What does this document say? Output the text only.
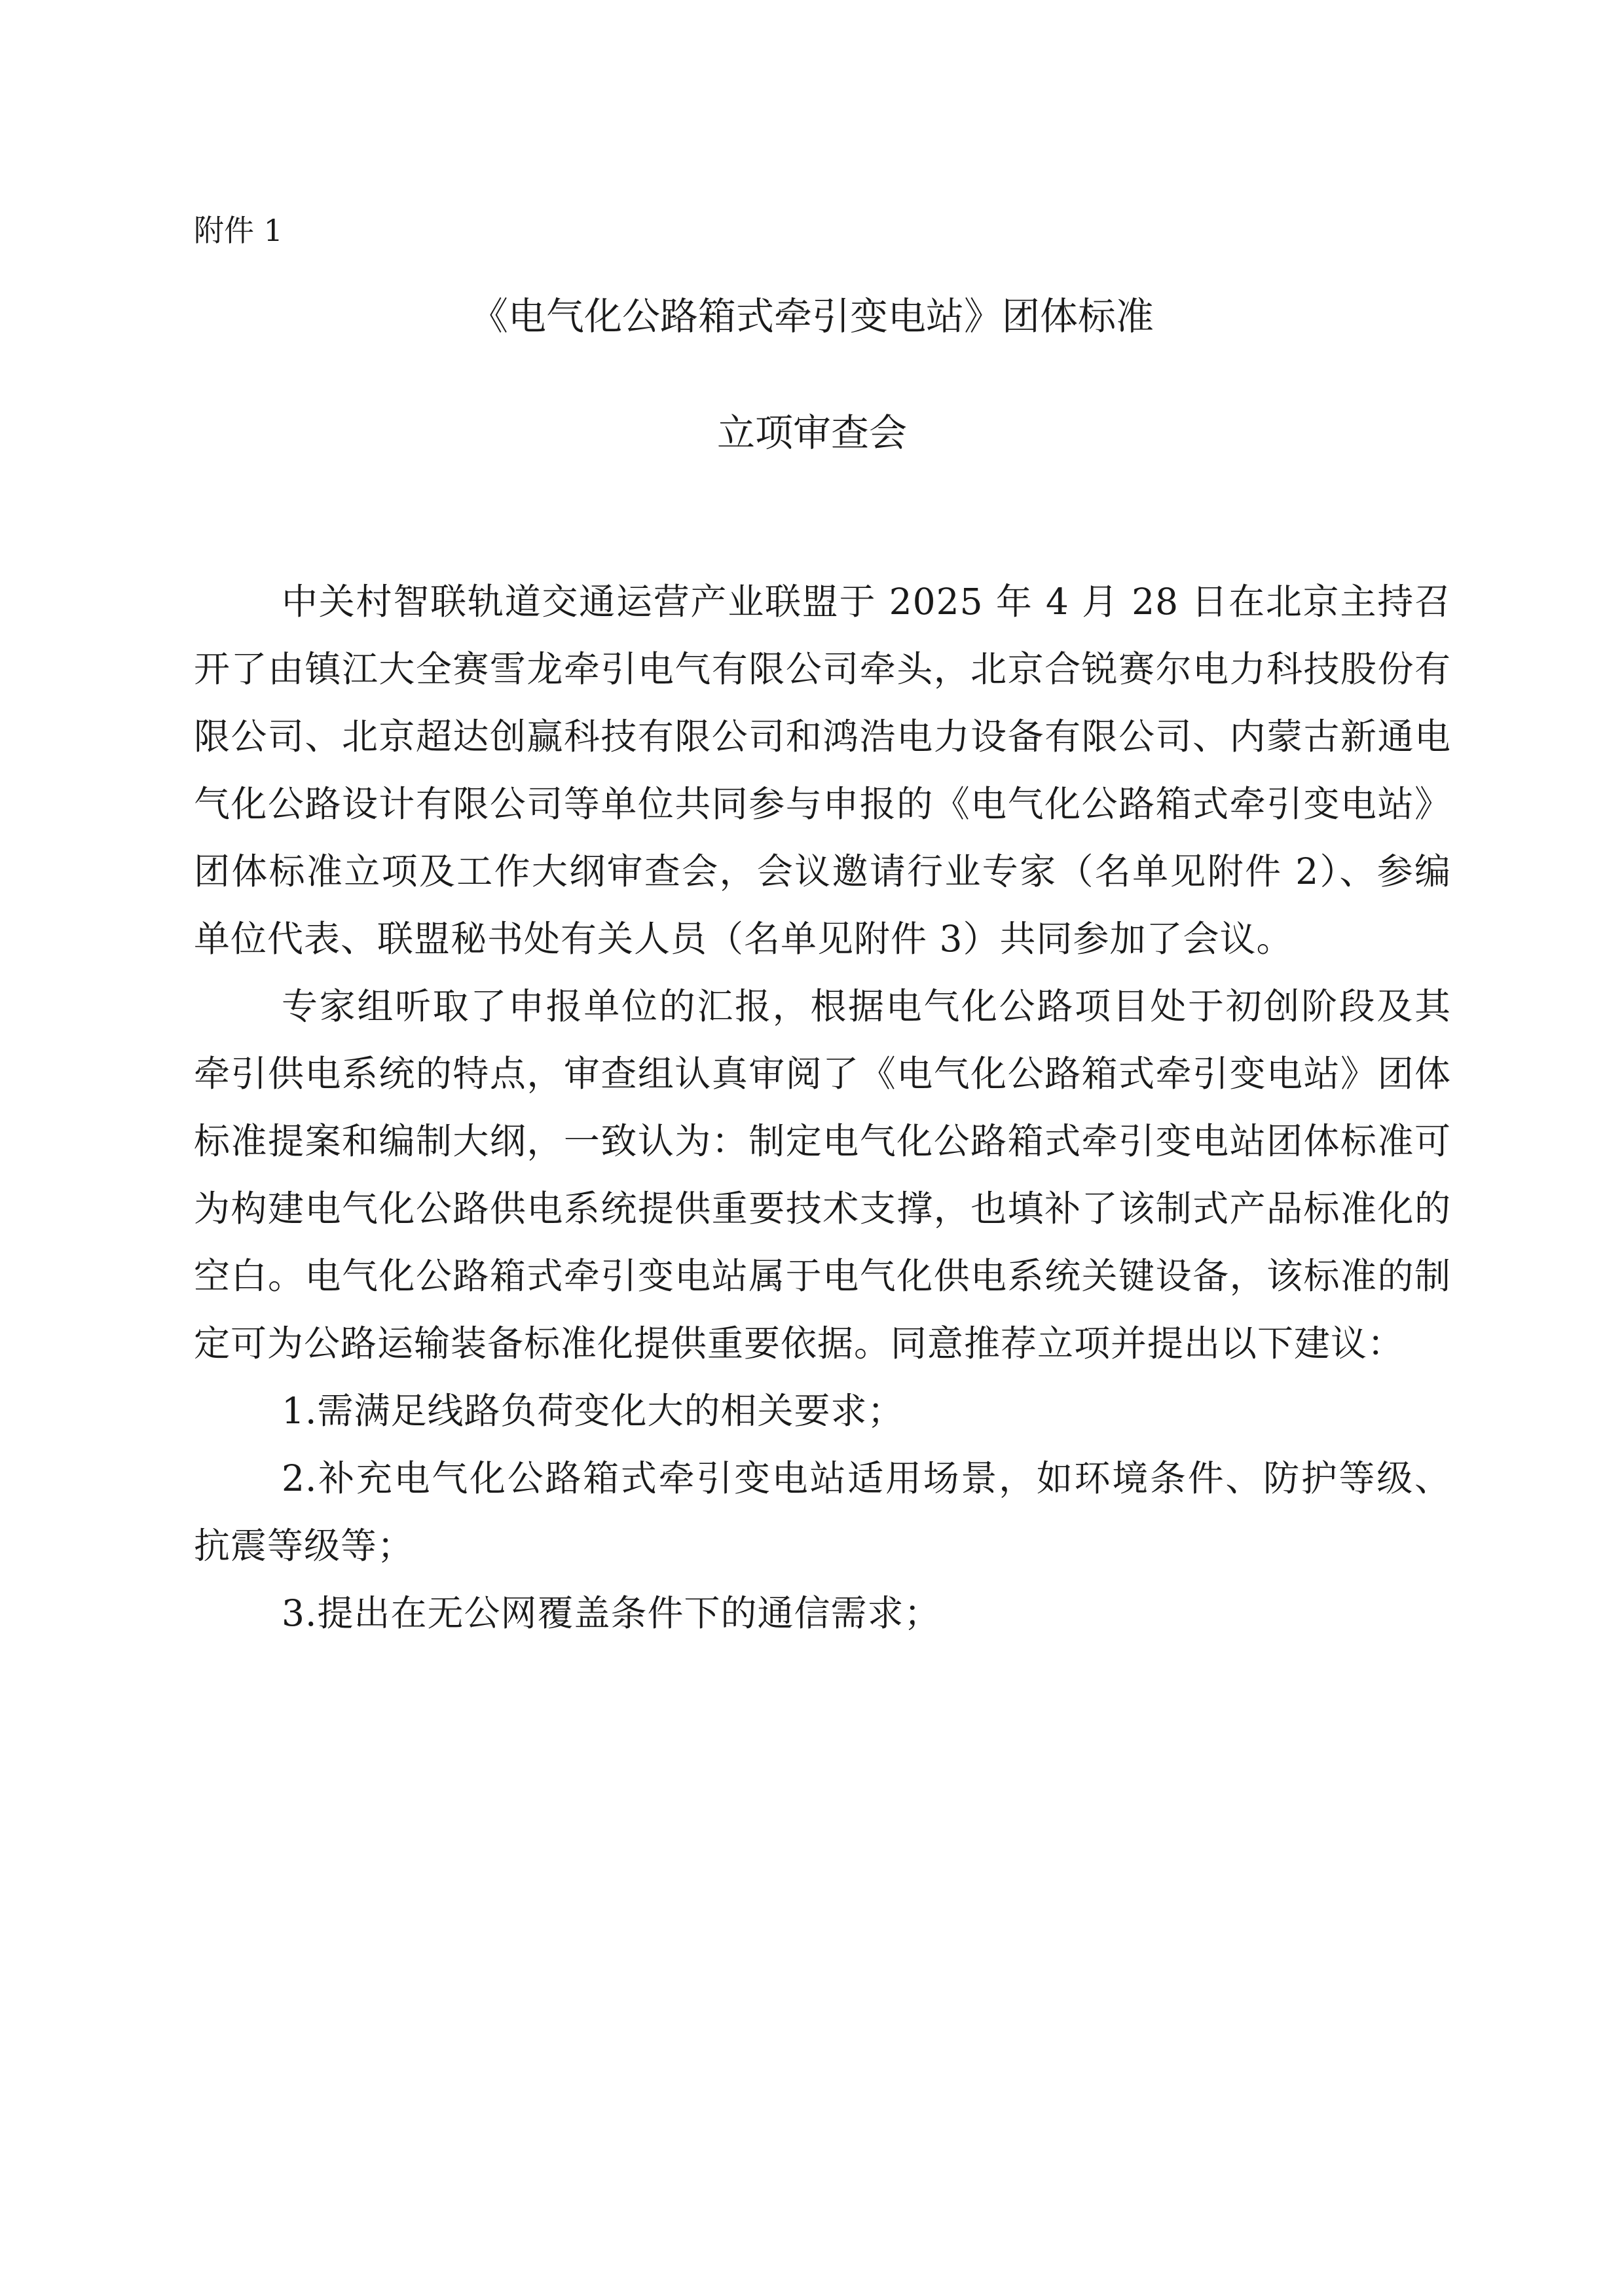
附件 1

《电气化公路箱式牵引变电站》团体标准
立项审查会

中关村智联轨道交通运营产业联盟于 2025 年 4 月 28 日在北京主持召开了由镇江大全赛雪龙牵引电气有限公司牵头，北京合锐赛尔电力科技股份有限公司、北京超达创赢科技有限公司和鸿浩电力设备有限公司、内蒙古新通电气化公路设计有限公司等单位共同参与申报的《电气化公路箱式牵引变电站》团体标准立项及工作大纲审查会，会议邀请行业专家（名单见附件 2）、参编单位代表、联盟秘书处有关人员（名单见附件 3）共同参加了会议。

专家组听取了申报单位的汇报，根据电气化公路项目处于初创阶段及其牵引供电系统的特点，审查组认真审阅了《电气化公路箱式牵引变电站》团体标准提案和编制大纲，一致认为：制定电气化公路箱式牵引变电站团体标准可为构建电气化公路供电系统提供重要技术支撑，也填补了该制式产品标准化的空白。电气化公路箱式牵引变电站属于电气化供电系统关键设备，该标准的制定可为公路运输装备标准化提供重要依据。同意推荐立项并提出以下建议：

1.需满足线路负荷变化大的相关要求；

2.补充电气化公路箱式牵引变电站适用场景，如环境条件、防护等级、抗震等级等；

3.提出在无公网覆盖条件下的通信需求；
